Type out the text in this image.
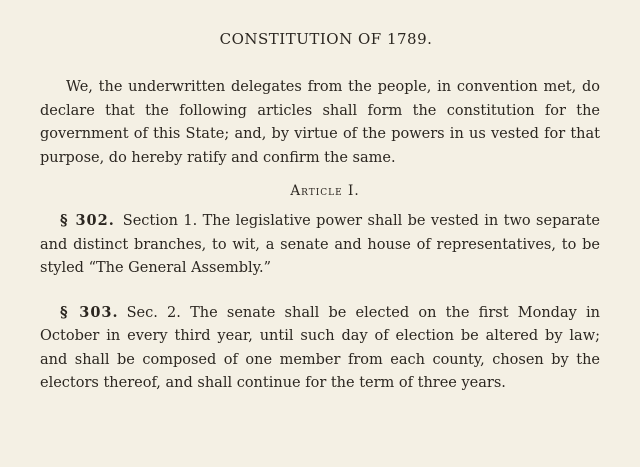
CONSTITUTION OF 1789.

We, the underwritten delegates from the people, in convention met, do declare that the following articles shall form the constitution for the government of this State; and, by virtue of the powers in us vested for that purpose, do hereby ratify and confirm the same.

Article I.

§ 302. Section 1. The legislative power shall be vested in two separate and distinct branches, to wit, a senate and house of representatives, to be styled “The General Assembly.”

§ 303. Sec. 2. The senate shall be elected on the first Monday in October in every third year, until such day of election be altered by law; and shall be composed of one member from each county, chosen by the electors thereof, and shall continue for the term of three years.
